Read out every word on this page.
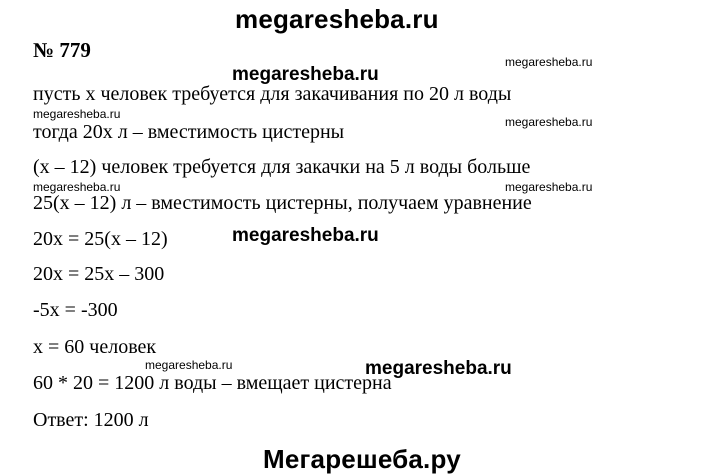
megaresheba.ru
№ 779	megaresheba.ru
megaresheba.ru
megaresheba.ru
megaresheba.ru	megaresheba.ru
megaresheba.ru
megaresheba.ru
megaresheba.ru
megaresheba.ru
пусть х человек требуется для закачивания по 20 л воды
тогда 20х л – вместимость цистерны
(х – 12) человек требуется для закачки на 5 л воды больше
25(х – 12) л – вместимость цистерны, получаем уравнение
20х = 25(х – 12)
20х = 25х – 300
-5х = -300
х = 60 человек
60 * 20 = 1200 л воды – вмещает цистерна
Ответ: 1200 л
Мегарешеба.ру
